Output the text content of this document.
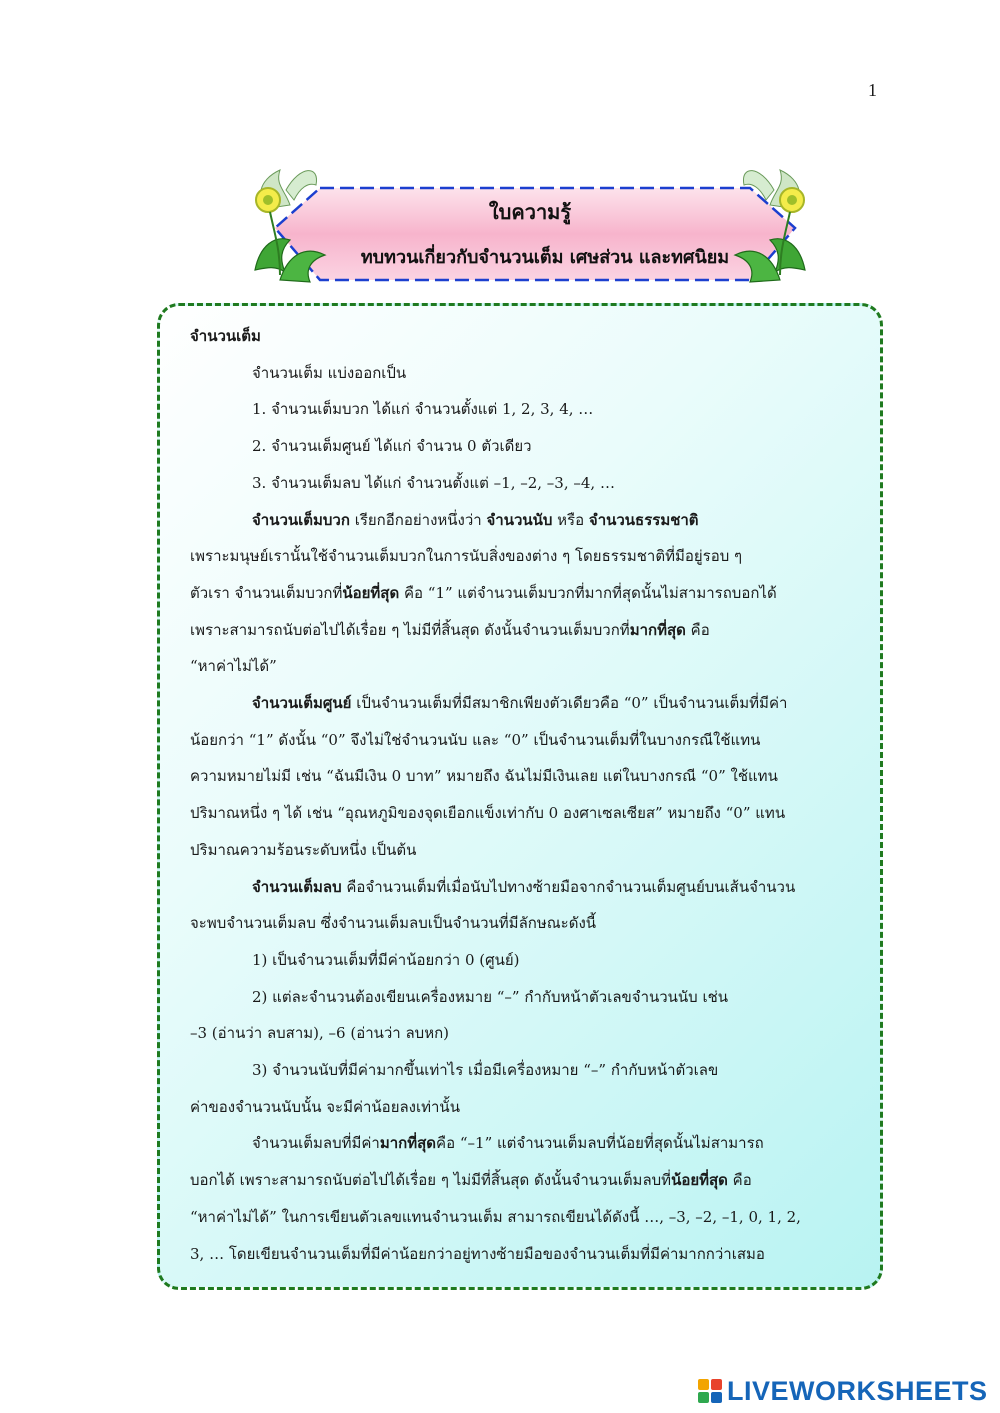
1
ใบความรู้
ทบทวนเกี่ยวกับจำนวนเต็ม เศษส่วน และทศนิยม

จำนวนเต็ม

จำนวนเต็ม แบ่งออกเป็น

1. จำนวนเต็มบวก ได้แก่ จำนวนตั้งแต่ 1, 2, 3, 4, …

2. จำนวนเต็มศูนย์ ได้แก่ จำนวน 0 ตัวเดียว

3. จำนวนเต็มลบ ได้แก่ จำนวนตั้งแต่ –1, –2, –3, –4, …

จำนวนเต็มบวก เรียกอีกอย่างหนึ่งว่า จำนวนนับ หรือ จำนวนธรรมชาติ

เพราะมนุษย์เรานั้นใช้จำนวนเต็มบวกในการนับสิ่งของต่าง ๆ โดยธรรมชาติที่มีอยู่รอบ ๆ

ตัวเรา จำนวนเต็มบวกที่น้อยที่สุด คือ “1” แต่จำนวนเต็มบวกที่มากที่สุดนั้นไม่สามารถบอกได้

เพราะสามารถนับต่อไปได้เรื่อย ๆ ไม่มีที่สิ้นสุด ดังนั้นจำนวนเต็มบวกที่มากที่สุด คือ

“หาค่าไม่ได้”

จำนวนเต็มศูนย์ เป็นจำนวนเต็มที่มีสมาชิกเพียงตัวเดียวคือ “0” เป็นจำนวนเต็มที่มีค่า

น้อยกว่า “1” ดังนั้น “0” จึงไม่ใช่จำนวนนับ และ “0” เป็นจำนวนเต็มที่ในบางกรณีใช้แทน

ความหมายไม่มี เช่น “ฉันมีเงิน 0 บาท” หมายถึง ฉันไม่มีเงินเลย แต่ในบางกรณี “0” ใช้แทน

ปริมาณหนึ่ง ๆ ได้ เช่น “อุณหภูมิของจุดเยือกแข็งเท่ากับ 0 องศาเซลเซียส” หมายถึง “0” แทน

ปริมาณความร้อนระดับหนึ่ง เป็นต้น

จำนวนเต็มลบ คือจำนวนเต็มที่เมื่อนับไปทางซ้ายมือจากจำนวนเต็มศูนย์บนเส้นจำนวน

จะพบจำนวนเต็มลบ ซึ่งจำนวนเต็มลบเป็นจำนวนที่มีลักษณะดังนี้

1) เป็นจำนวนเต็มที่มีค่าน้อยกว่า 0 (ศูนย์)

2) แต่ละจำนวนต้องเขียนเครื่องหมาย “–” กำกับหน้าตัวเลขจำนวนนับ เช่น

–3 (อ่านว่า ลบสาม), –6 (อ่านว่า ลบหก)

3) จำนวนนับที่มีค่ามากขึ้นเท่าไร เมื่อมีเครื่องหมาย “–” กำกับหน้าตัวเลข

ค่าของจำนวนนับนั้น จะมีค่าน้อยลงเท่านั้น

จำนวนเต็มลบที่มีค่ามากที่สุดคือ “–1” แต่จำนวนเต็มลบที่น้อยที่สุดนั้นไม่สามารถ

บอกได้ เพราะสามารถนับต่อไปได้เรื่อย ๆ ไม่มีที่สิ้นสุด ดังนั้นจำนวนเต็มลบที่น้อยที่สุด คือ

“หาค่าไม่ได้” ในการเขียนตัวเลขแทนจำนวนเต็ม สามารถเขียนได้ดังนี้ …, –3, –2, –1, 0, 1, 2,

3, … โดยเขียนจำนวนเต็มที่มีค่าน้อยกว่าอยู่ทางซ้ายมือของจำนวนเต็มที่มีค่ามากกว่าเสมอ

LIVEWORKSHEETS
